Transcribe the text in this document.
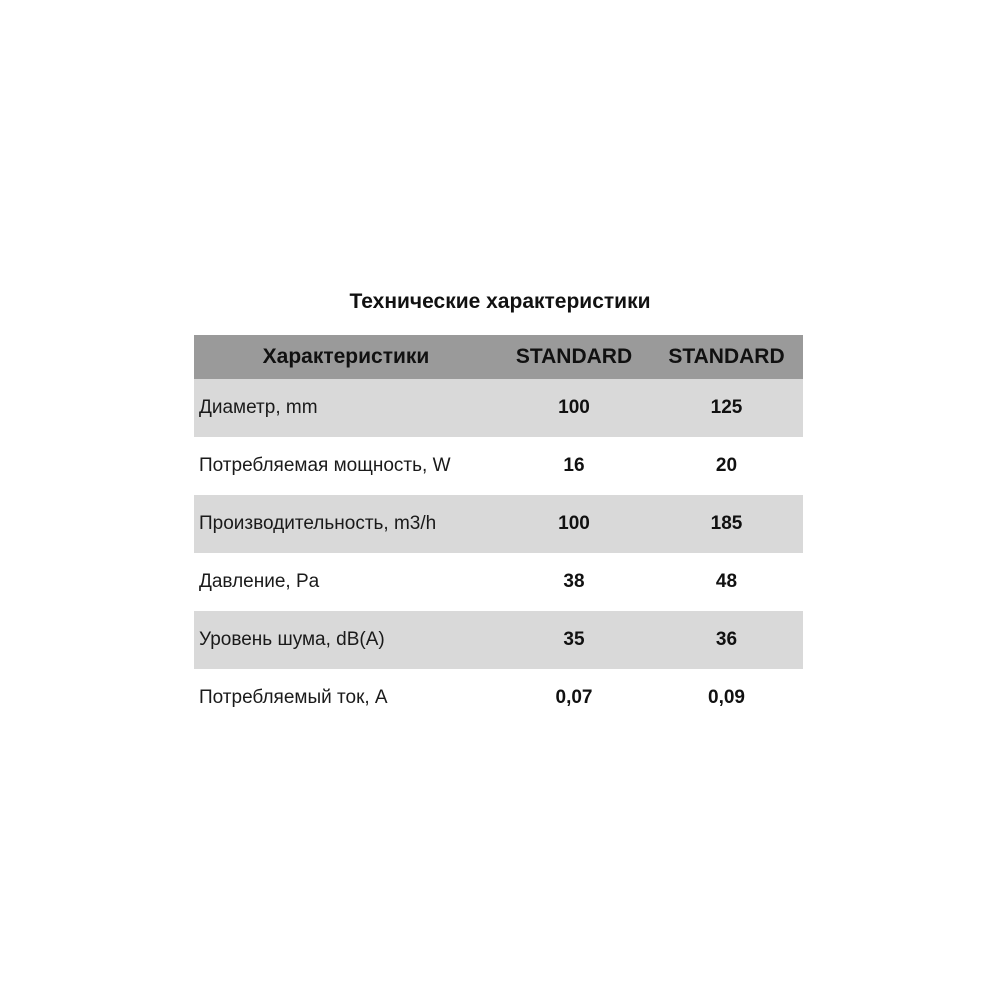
Технические характеристики
Характеристики	STANDARD	STANDARD
Диаметр, mm	100	125
Потребляемая мощность, W	16	20
Производительность, m3/h	100	185
Давление, Pa	38	48
Уровень шума, dB(A)	35	36
Потребляемый ток, А	0,07	0,09
